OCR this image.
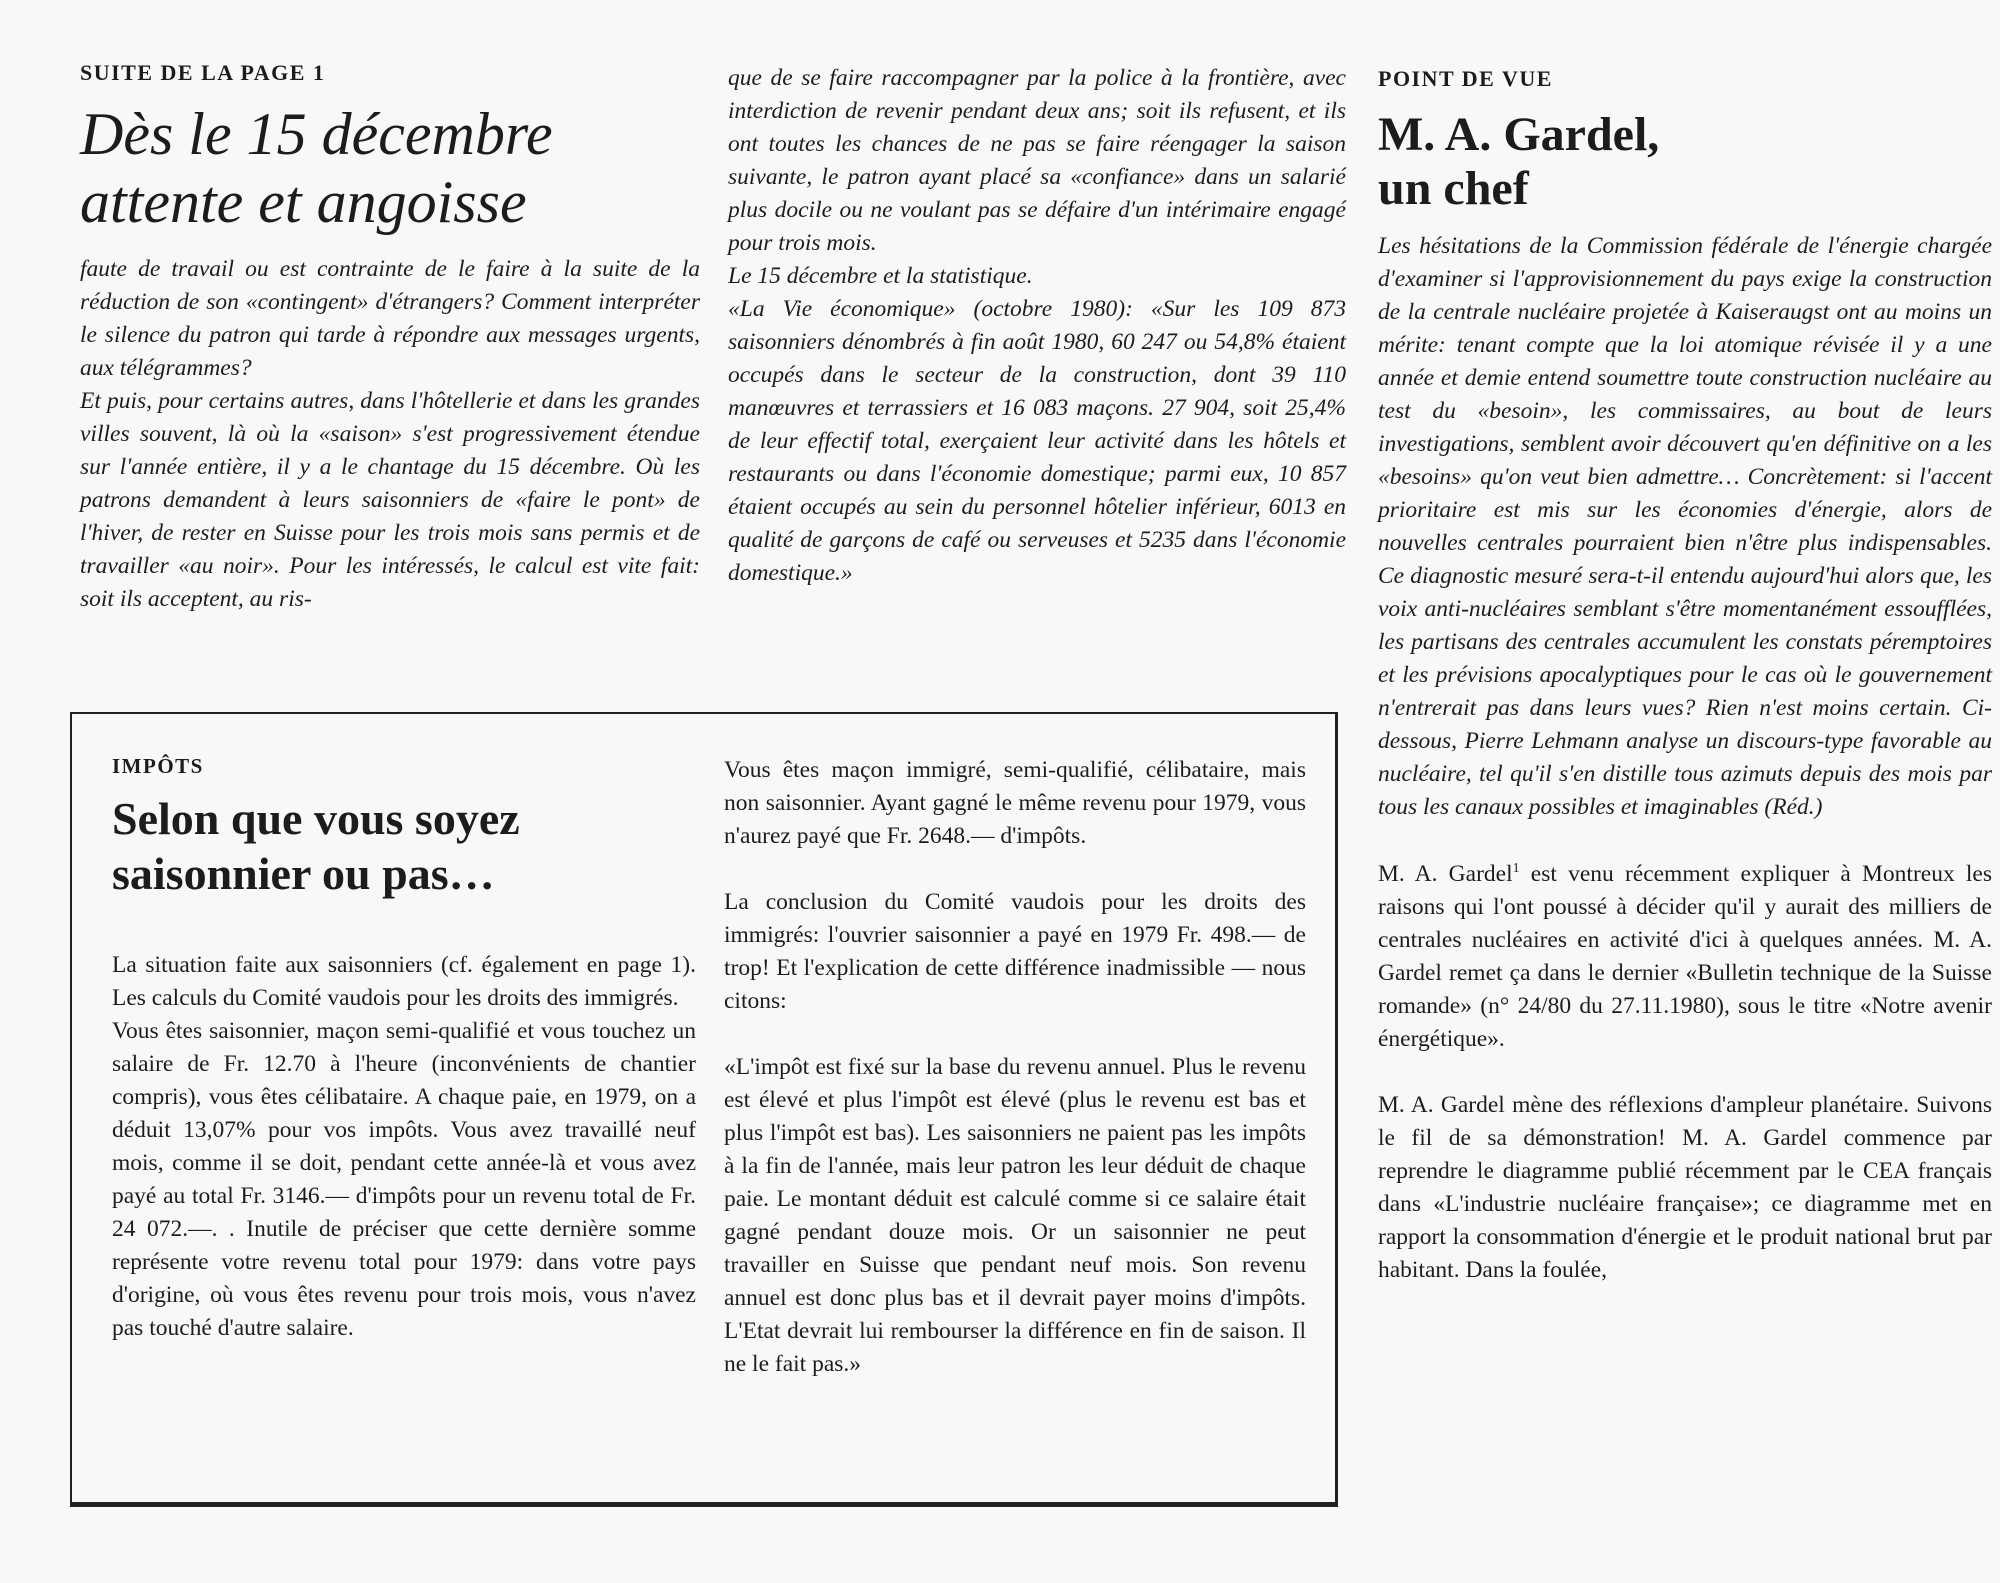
SUITE DE LA PAGE 1

Dès le 15 décembre
attente et angoisse

faute de travail ou est contrainte de le faire à la suite de la réduction de son «contingent» d'étrangers? Comment interpréter le silence du patron qui tarde à répondre aux messages urgents, aux télégrammes?

Et puis, pour certains autres, dans l'hôtellerie et dans les grandes villes souvent, là où la «saison» s'est progressivement étendue sur l'année entière, il y a le chantage du 15 décembre. Où les patrons demandent à leurs saisonniers de «faire le pont» de l'hiver, de rester en Suisse pour les trois mois sans permis et de travailler «au noir». Pour les intéressés, le calcul est vite fait: soit ils acceptent, au ris-

que de se faire raccompagner par la police à la frontière, avec interdiction de revenir pendant deux ans; soit ils refusent, et ils ont toutes les chances de ne pas se faire réengager la saison suivante, le patron ayant placé sa «confiance» dans un salarié plus docile ou ne voulant pas se défaire d'un intérimaire engagé pour trois mois.

Le 15 décembre et la statistique.

«La Vie économique» (octobre 1980): «Sur les 109 873 saisonniers dénombrés à fin août 1980, 60 247 ou 54,8% étaient occupés dans le secteur de la construction, dont 39 110 manœuvres et terrassiers et 16 083 maçons. 27 904, soit 25,4% de leur effectif total, exerçaient leur activité dans les hôtels et restaurants ou dans l'économie domestique; parmi eux, 10 857 étaient occupés au sein du personnel hôtelier inférieur, 6013 en qualité de garçons de café ou serveuses et 5235 dans l'économie domestique.»

IMPÔTS

Selon que vous soyez
saisonnier ou pas…

La situation faite aux saisonniers (cf. également en page 1). Les calculs du Comité vaudois pour les droits des immigrés.

Vous êtes saisonnier, maçon semi-qualifié et vous touchez un salaire de Fr. 12.70 à l'heure (inconvénients de chantier compris), vous êtes célibataire. A chaque paie, en 1979, on a déduit 13,07% pour vos impôts. Vous avez travaillé neuf mois, comme il se doit, pendant cette année-là et vous avez payé au total Fr. 3146.— d'impôts pour un revenu total de Fr. 24 072.—. . Inutile de préciser que cette dernière somme représente votre revenu total pour 1979: dans votre pays d'origine, où vous êtes revenu pour trois mois, vous n'avez pas touché d'autre salaire.

Vous êtes maçon immigré, semi-qualifié, célibataire, mais non saisonnier. Ayant gagné le même revenu pour 1979, vous n'aurez payé que Fr. 2648.— d'impôts.

La conclusion du Comité vaudois pour les droits des immigrés: l'ouvrier saisonnier a payé en 1979 Fr. 498.— de trop! Et l'explication de cette différence inadmissible — nous citons:

«L'impôt est fixé sur la base du revenu annuel. Plus le revenu est élevé et plus l'impôt est élevé (plus le revenu est bas et plus l'impôt est bas). Les saisonniers ne paient pas les impôts à la fin de l'année, mais leur patron les leur déduit de chaque paie. Le montant déduit est calculé comme si ce salaire était gagné pendant douze mois. Or un saisonnier ne peut travailler en Suisse que pendant neuf mois. Son revenu annuel est donc plus bas et il devrait payer moins d'impôts. L'Etat devrait lui rembourser la différence en fin de saison. Il ne le fait pas.»

POINT DE VUE

M. A. Gardel,
un chef

Les hésitations de la Commission fédérale de l'énergie chargée d'examiner si l'approvisionnement du pays exige la construction de la centrale nucléaire projetée à Kaiseraugst ont au moins un mérite: tenant compte que la loi atomique révisée il y a une année et demie entend soumettre toute construction nucléaire au test du «besoin», les commissaires, au bout de leurs investigations, semblent avoir découvert qu'en définitive on a les «besoins» qu'on veut bien admettre… Concrètement: si l'accent prioritaire est mis sur les économies d'énergie, alors de nouvelles centrales pourraient bien n'être plus indispensables. Ce diagnostic mesuré sera-t-il entendu aujourd'hui alors que, les voix anti-nucléaires semblant s'être momentanément essoufflées, les partisans des centrales accumulent les constats péremptoires et les prévisions apocalyptiques pour le cas où le gouvernement n'entrerait pas dans leurs vues? Rien n'est moins certain. Ci-dessous, Pierre Lehmann analyse un discours-type favorable au nucléaire, tel qu'il s'en distille tous azimuts depuis des mois par tous les canaux possibles et imaginables (Réd.)

M. A. Gardel$^1$ est venu récemment expliquer à Montreux les raisons qui l'ont poussé à décider qu'il y aurait des milliers de centrales nucléaires en activité d'ici à quelques années. M. A. Gardel remet ça dans le dernier «Bulletin technique de la Suisse romande» (n° 24/80 du 27.11.1980), sous le titre «Notre avenir énergétique».

M. A. Gardel mène des réflexions d'ampleur planétaire. Suivons le fil de sa démonstration! M. A. Gardel commence par reprendre le diagramme publié récemment par le CEA français dans «L'industrie nucléaire française»; ce diagramme met en rapport la consommation d'énergie et le produit national brut par habitant. Dans la foulée,
